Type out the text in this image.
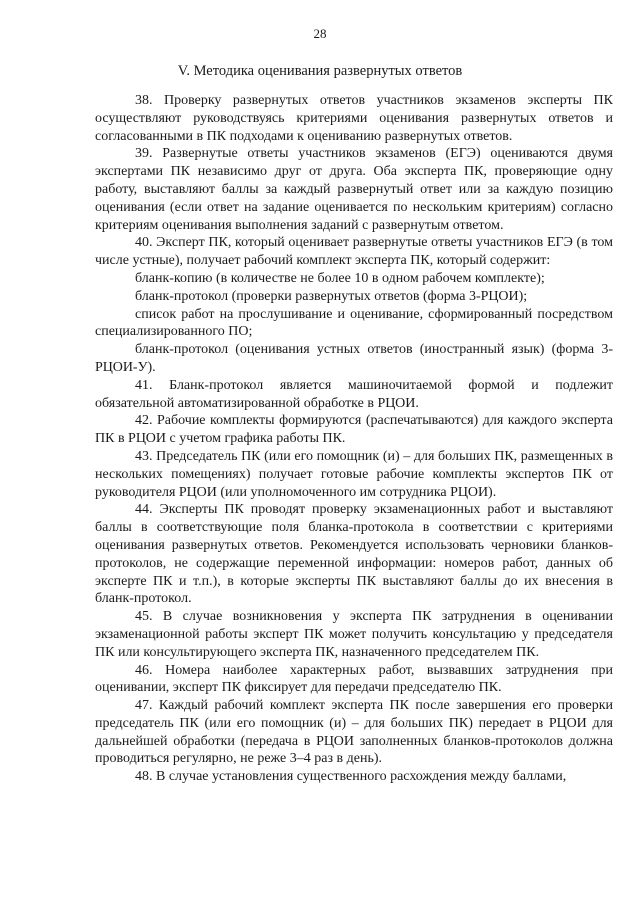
28
V. Методика оценивания развернутых ответов

38. Проверку развернутых ответов участников экзаменов эксперты ПК осуществляют руководствуясь критериями оценивания развернутых ответов и согласованными в ПК подходами к оцениванию развернутых ответов.

39. Развернутые ответы участников экзаменов (ЕГЭ) оцениваются двумя экспертами ПК независимо друг от друга. Оба эксперта ПК, проверяющие одну работу, выставляют баллы за каждый развернутый ответ или за каждую позицию оценивания (если ответ на задание оценивается по нескольким критериям) согласно критериям оценивания выполнения заданий с развернутым ответом.

40. Эксперт ПК, который оценивает развернутые ответы участников ЕГЭ (в том числе устные), получает рабочий комплект эксперта ПК, который содержит:

бланк-копию (в количестве не более 10 в одном рабочем комплекте);

бланк-протокол (проверки развернутых ответов (форма 3-РЦОИ);

список работ на прослушивание и оценивание, сформированный посредством специализированного ПО;

бланк-протокол (оценивания устных ответов (иностранный язык) (форма 3-РЦОИ-У).

41. Бланк-протокол является машиночитаемой формой и подлежит обязательной автоматизированной обработке в РЦОИ.

42. Рабочие комплекты формируются (распечатываются) для каждого эксперта ПК в РЦОИ с учетом графика работы ПК.

43. Председатель ПК (или его помощник (и) – для больших ПК, размещенных в нескольких помещениях) получает готовые рабочие комплекты экспертов ПК от руководителя РЦОИ (или уполномоченного им сотрудника РЦОИ).

44. Эксперты ПК проводят проверку экзаменационных работ и выставляют баллы в соответствующие поля бланка-протокола в соответствии с критериями оценивания развернутых ответов. Рекомендуется использовать черновики бланков-протоколов, не содержащие переменной информации: номеров работ, данных об эксперте ПК и т.п.), в которые эксперты ПК выставляют баллы до их внесения в бланк-протокол.

45. В случае возникновения у эксперта ПК затруднения в оценивании экзаменационной работы эксперт ПК может получить консультацию у председателя ПК или консультирующего эксперта ПК, назначенного председателем ПК.

46. Номера наиболее характерных работ, вызвавших затруднения при оценивании, эксперт ПК фиксирует для передачи председателю ПК.

47. Каждый рабочий комплект эксперта ПК после завершения его проверки председатель ПК (или его помощник (и) – для больших ПК) передает в РЦОИ для дальнейшей обработки (передача в РЦОИ заполненных бланков-протоколов должна проводиться регулярно, не реже 3–4 раз в день).

48. В случае установления существенного расхождения между баллами,
